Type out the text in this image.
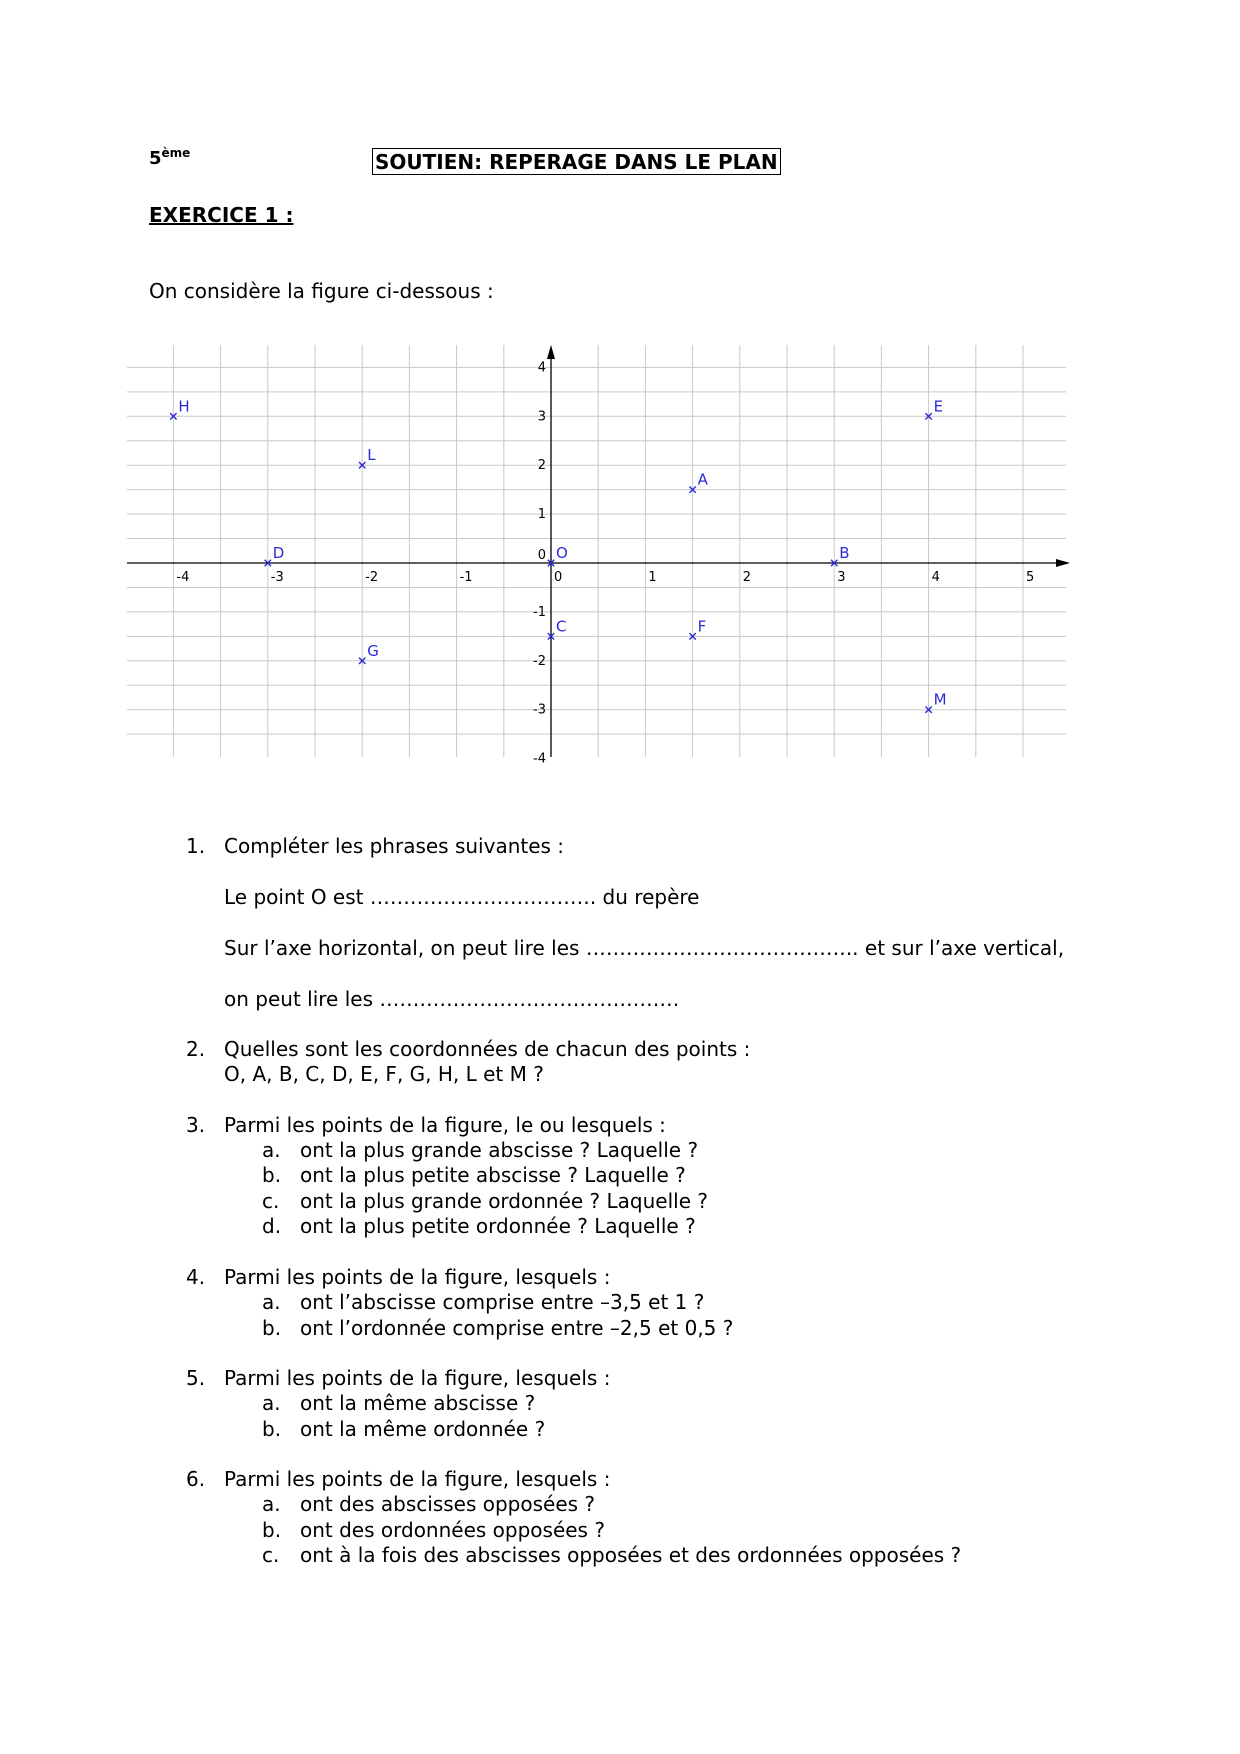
5ème	SOUTIEN: REPERAGE DANS LE PLAN
EXERCICE 1 :
On considère la figure ci-dessous :
-4	-3	-2	-1	0	1	2	3	4	5
-4
-3
-2
-1
1
2
3
4
0 O
A
B
C
D
E
F
G
H
L
M
1. Compléter les phrases suivantes :
Le point O est ……………………………. du repère
Sur l’axe horizontal, on peut lire les ………………………………….. et sur l’axe vertical,
on peut lire les ………………………………………
2. Quelles sont les coordonnées de chacun des points :
O, A, B, C, D, E, F, G, H, L et M ?
3. Parmi les points de la figure, le ou lesquels :
a. ont la plus grande abscisse ? Laquelle ?
b. ont la plus petite abscisse ? Laquelle ?
c. ont la plus grande ordonnée ? Laquelle ?
d. ont la plus petite ordonnée ? Laquelle ?
4. Parmi les points de la figure, lesquels :
a. ont l’abscisse comprise entre –3,5 et 1 ?
b. ont l’ordonnée comprise entre –2,5 et 0,5 ?
5. Parmi les points de la figure, lesquels :
a. ont la même abscisse ?
b. ont la même ordonnée ?
6. Parmi les points de la figure, lesquels :
a. ont des abscisses opposées ?
b. ont des ordonnées opposées ?
c. ont à la fois des abscisses opposées et des ordonnées opposées ?
